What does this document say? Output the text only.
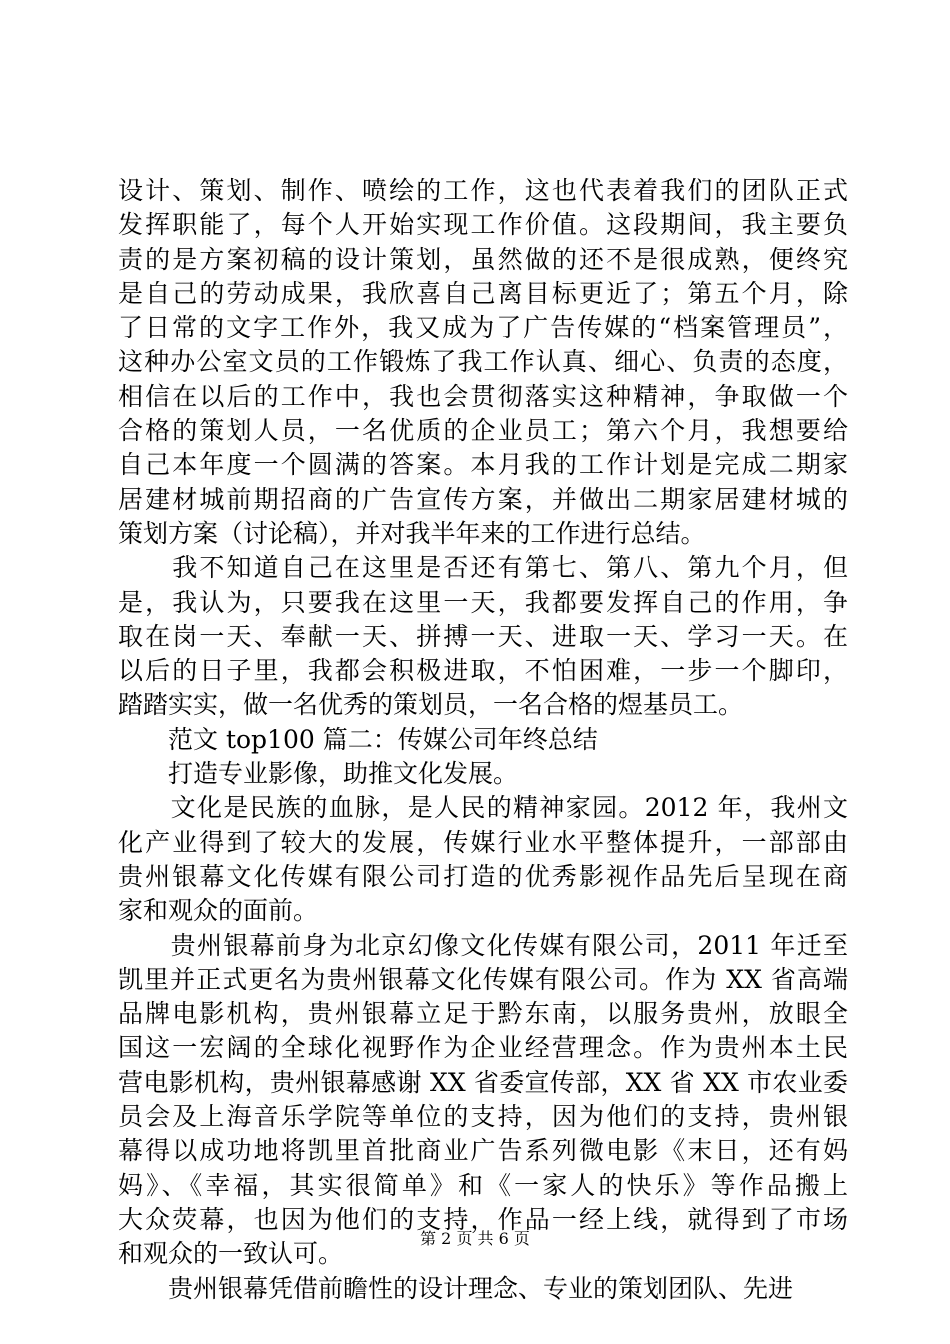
设计、策划、制作、喷绘的工作，这也代表着我们的团队正式
发挥职能了，每个人开始实现工作价值。这段期间，我主要负
责的是方案初稿的设计策划，虽然做的还不是很成熟，便终究
是自己的劳动成果，我欣喜自己离目标更近了；第五个月，除
了日常的文字工作外，我又成为了广告传媒的“档案管理员”，
这种办公室文员的工作锻炼了我工作认真、细心、负责的态度，
相信在以后的工作中，我也会贯彻落实这种精神，争取做一个
合格的策划人员，一名优质的企业员工；第六个月，我想要给
自己本年度一个圆满的答案。本月我的工作计划是完成二期家
居建材城前期招商的广告宣传方案，并做出二期家居建材城的
策划方案（讨论稿），并对我半年来的工作进行总结。
　　我不知道自己在这里是否还有第七、第八、第九个月，但
是，我认为，只要我在这里一天，我都要发挥自己的作用，争
取在岗一天、奉献一天、拼搏一天、进取一天、学习一天。在
以后的日子里，我都会积极进取，不怕困难，一步一个脚印，
踏踏实实，做一名优秀的策划员，一名合格的煜基员工。
　　范文 top100 篇二：传媒公司年终总结
　　打造专业影像，助推文化发展。
　　文化是民族的血脉，是人民的精神家园。2012 年，我州文
化产业得到了较大的发展，传媒行业水平整体提升，一部部由
贵州银幕文化传媒有限公司打造的优秀影视作品先后呈现在商
家和观众的面前。
　　贵州银幕前身为北京幻像文化传媒有限公司，2011 年迁至
凯里并正式更名为贵州银幕文化传媒有限公司。作为 XX 省高端
品牌电影机构，贵州银幕立足于黔东南，以服务贵州，放眼全
国这一宏阔的全球化视野作为企业经营理念。作为贵州本土民
营电影机构，贵州银幕感谢 XX 省委宣传部，XX 省 XX 市农业委
员会及上海音乐学院等单位的支持，因为他们的支持，贵州银
幕得以成功地将凯里首批商业广告系列微电影《末日，还有妈
妈》、《幸福，其实很简单》和《一家人的快乐》等作品搬上
大众荧幕，也因为他们的支持，作品一经上线，就得到了市场
和观众的一致认可。
　　贵州银幕凭借前瞻性的设计理念、专业的策划团队、先进
第 2 页 共 6 页
